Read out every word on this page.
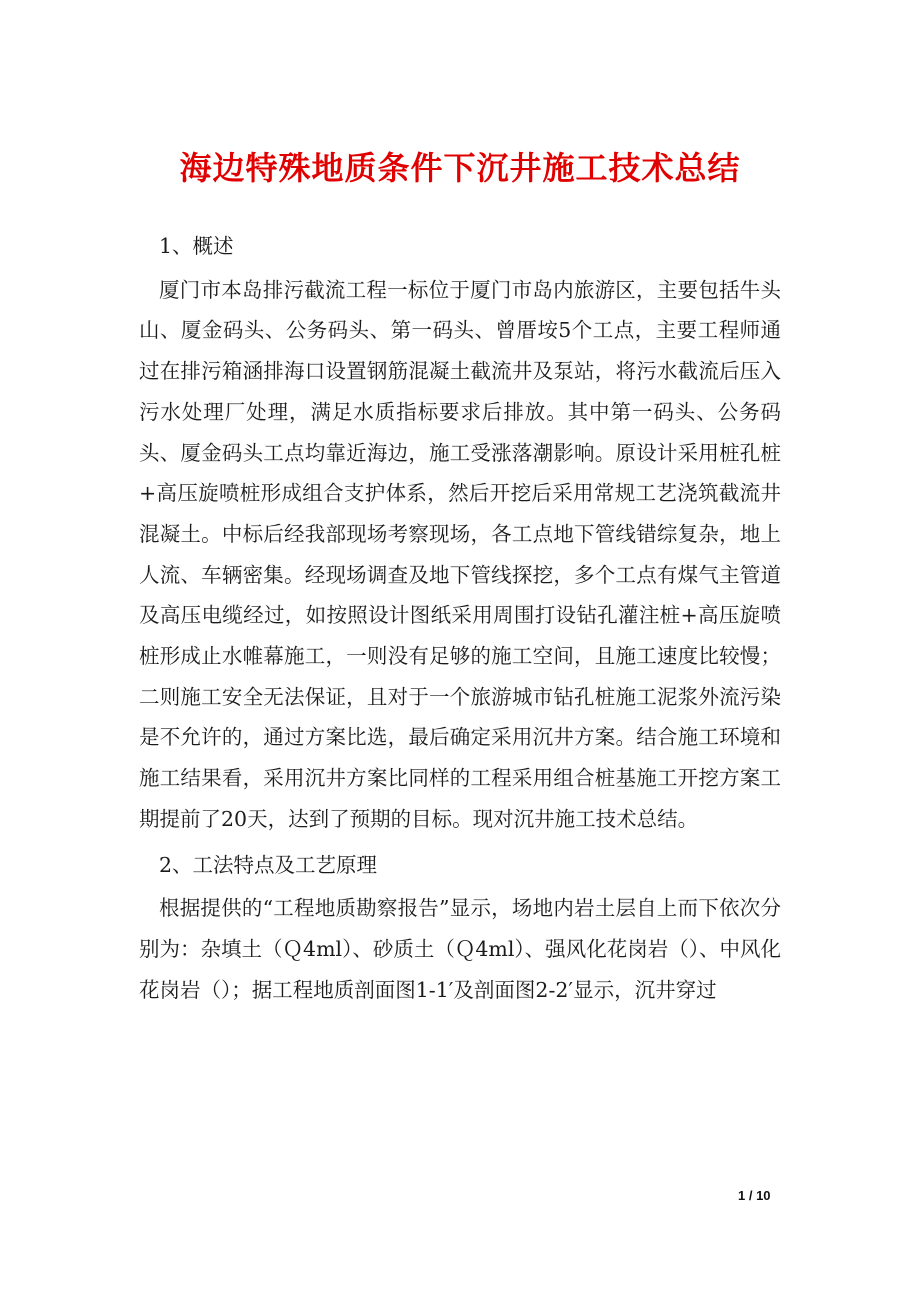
海边特殊地质条件下沉井施工技术总结

1、概述

厦门市本岛排污截流工程一标位于厦门市岛内旅游区，主要包括牛头山、厦金码头、公务码头、第一码头、曾厝垵5个工点，主要工程师通过在排污箱涵排海口设置钢筋混凝土截流井及泵站，将污水截流后压入污水处理厂处理，满足水质指标要求后排放。其中第一码头、公务码头、厦金码头工点均靠近海边，施工受涨落潮影响。原设计采用桩孔桩+高压旋喷桩形成组合支护体系，然后开挖后采用常规工艺浇筑截流井混凝土。中标后经我部现场考察现场，各工点地下管线错综复杂，地上人流、车辆密集。经现场调查及地下管线探挖，多个工点有煤气主管道及高压电缆经过，如按照设计图纸采用周围打设钻孔灌注桩+高压旋喷桩形成止水帷幕施工，一则没有足够的施工空间，且施工速度比较慢；二则施工安全无法保证，且对于一个旅游城市钻孔桩施工泥浆外流污染是不允许的，通过方案比选，最后确定采用沉井方案。结合施工环境和施工结果看，采用沉井方案比同样的工程采用组合桩基施工开挖方案工期提前了20天，达到了预期的目标。现对沉井施工技术总结。

2、工法特点及工艺原理

根据提供的“工程地质勘察报告”显示，场地内岩土层自上而下依次分别为：杂填土（Ｑ4ml）、砂质土（Ｑ4ml）、强风化花岗岩（）、中风化花岗岩（）；据工程地质剖面图1-1′及剖面图2-2′显示，沉井穿过

1 / 10
